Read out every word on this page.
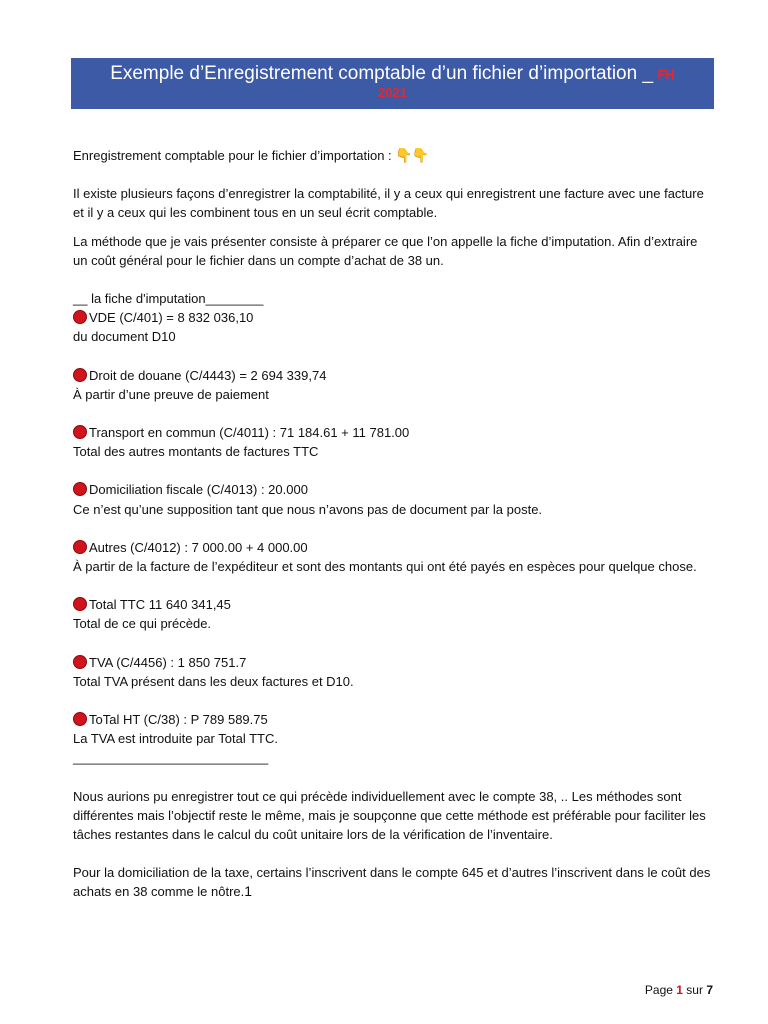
Exemple d’Enregistrement comptable d’un fichier d’importation _ FH
2021

Enregistrement comptable pour le fichier d’importation : 👇👇

Il existe plusieurs façons d’enregistrer la comptabilité, il y a ceux qui enregistrent une facture avec une facture et il y a ceux qui les combinent tous en un seul écrit comptable.

La méthode que je vais présenter consiste à préparer ce que l’on appelle la fiche d’imputation. Afin d’extraire un coût général pour le fichier dans un compte d’achat de 38 un.

__ la fiche d'imputation________

VDE (C/401) = 8 832 036,10

du document D10

Droit de douane (C/4443) = 2 694 339,74

À partir d’une preuve de paiement

Transport en commun (C/4011) : 71 184.61 + 11 781.00

Total des autres montants de factures TTC

Domiciliation fiscale (C/4013) : 20.000

Ce n’est qu’une supposition tant que nous n’avons pas de document par la poste.

Autres (C/4012) : 7 000.00 + 4 000.00

À partir de la facture de l’expéditeur et sont des montants qui ont été payés en espèces pour quelque chose.

Total TTC 11 640 341,45

Total de ce qui précède.

TVA (C/4456) : 1 850 751.7

Total TVA présent dans les deux factures et D10.

ToTal HT (C/38) : P 789 589.75

La TVA est introduite par Total TTC.

___________________________

Nous aurions pu enregistrer tout ce qui précède individuellement avec le compte 38, .. Les méthodes sont différentes mais l’objectif reste le même, mais je soupçonne que cette méthode est préférable pour faciliter les tâches restantes dans le calcul du coût unitaire lors de la vérification de l’inventaire.

Pour la domiciliation de la taxe, certains l’inscrivent dans le compte 645 et d’autres l’inscrivent dans le coût des achats en 38 comme le nôtre.1

Page 1 sur 7
